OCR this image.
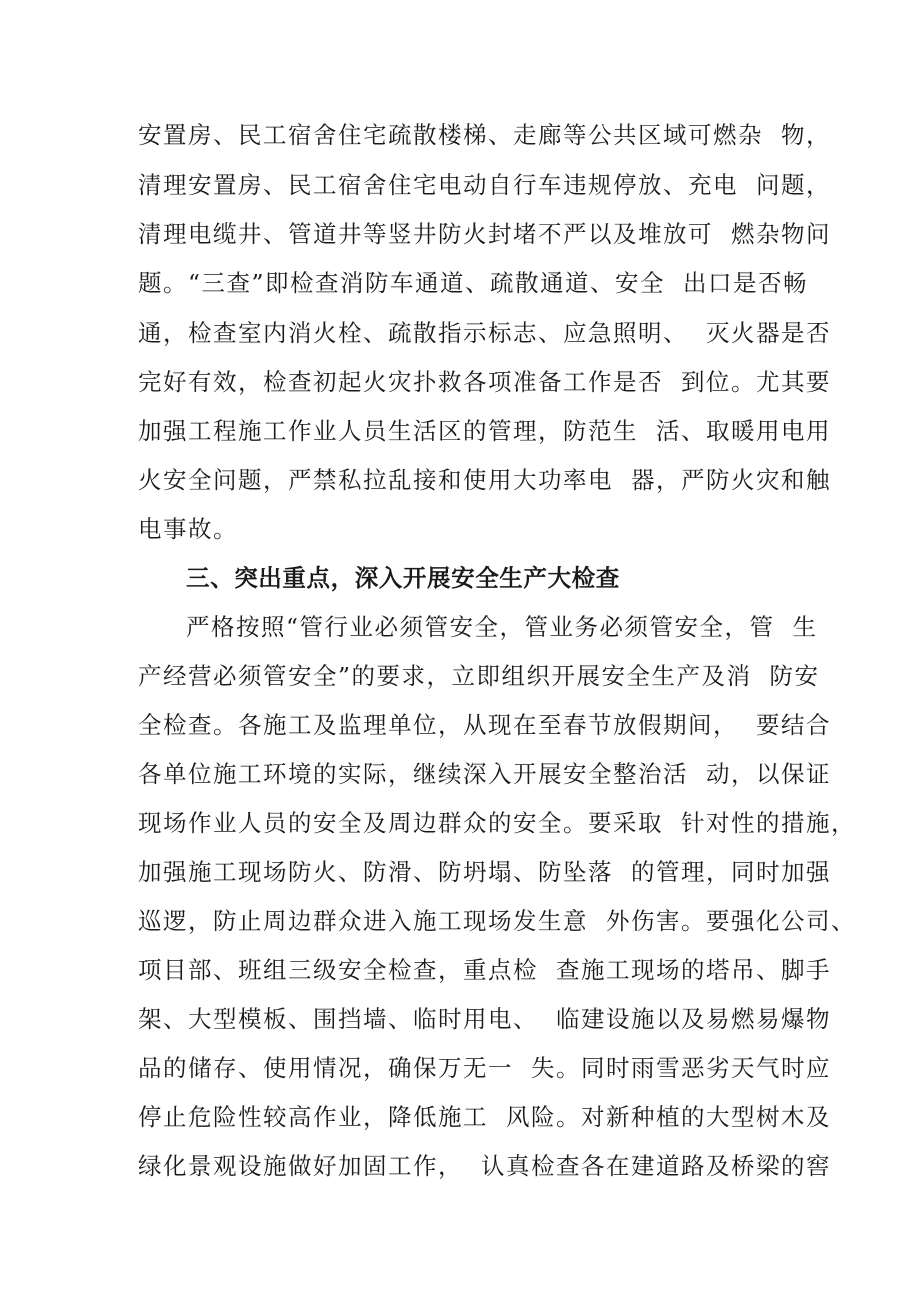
安置房、民工宿舍住宅疏散楼梯、走廊等公共区域可燃杂  物，
清理安置房、民工宿舍住宅电动自行车违规停放、充电  问题，
清理电缆井、管道井等竖井防火封堵不严以及堆放可  燃杂物问
题。“三查”即检查消防车通道、疏散通道、安全  出口是否畅
通，检查室内消火栓、疏散指示标志、应急照明、  灭火器是否
完好有效，检查初起火灾扑救各项准备工作是否  到位。尤其要
加强工程施工作业人员生活区的管理，防范生  活、取暖用电用
火安全问题，严禁私拉乱接和使用大功率电  器，严防火灾和触
电事故。
三、突出重点，深入开展安全生产大检查
严格按照“管行业必须管安全，管业务必须管安全，管  生
产经营必须管安全”的要求，立即组织开展安全生产及消  防安
全检查。各施工及监理单位，从现在至春节放假期间，  要结合
各单位施工环境的实际，继续深入开展安全整治活  动，以保证
现场作业人员的安全及周边群众的安全。要采取  针对性的措施，
加强施工现场防火、防滑、防坍塌、防坠落  的管理，同时加强
巡逻，防止周边群众进入施工现场发生意  外伤害。要强化公司、
项目部、班组三级安全检查，重点检  查施工现场的塔吊、脚手
架、大型模板、围挡墙、临时用电、  临建设施以及易燃易爆物
品的储存、使用情况，确保万无一  失。同时雨雪恶劣天气时应
停止危险性较高作业，降低施工  风险。对新种植的大型树木及
绿化景观设施做好加固工作，  认真检查各在建道路及桥梁的窖
